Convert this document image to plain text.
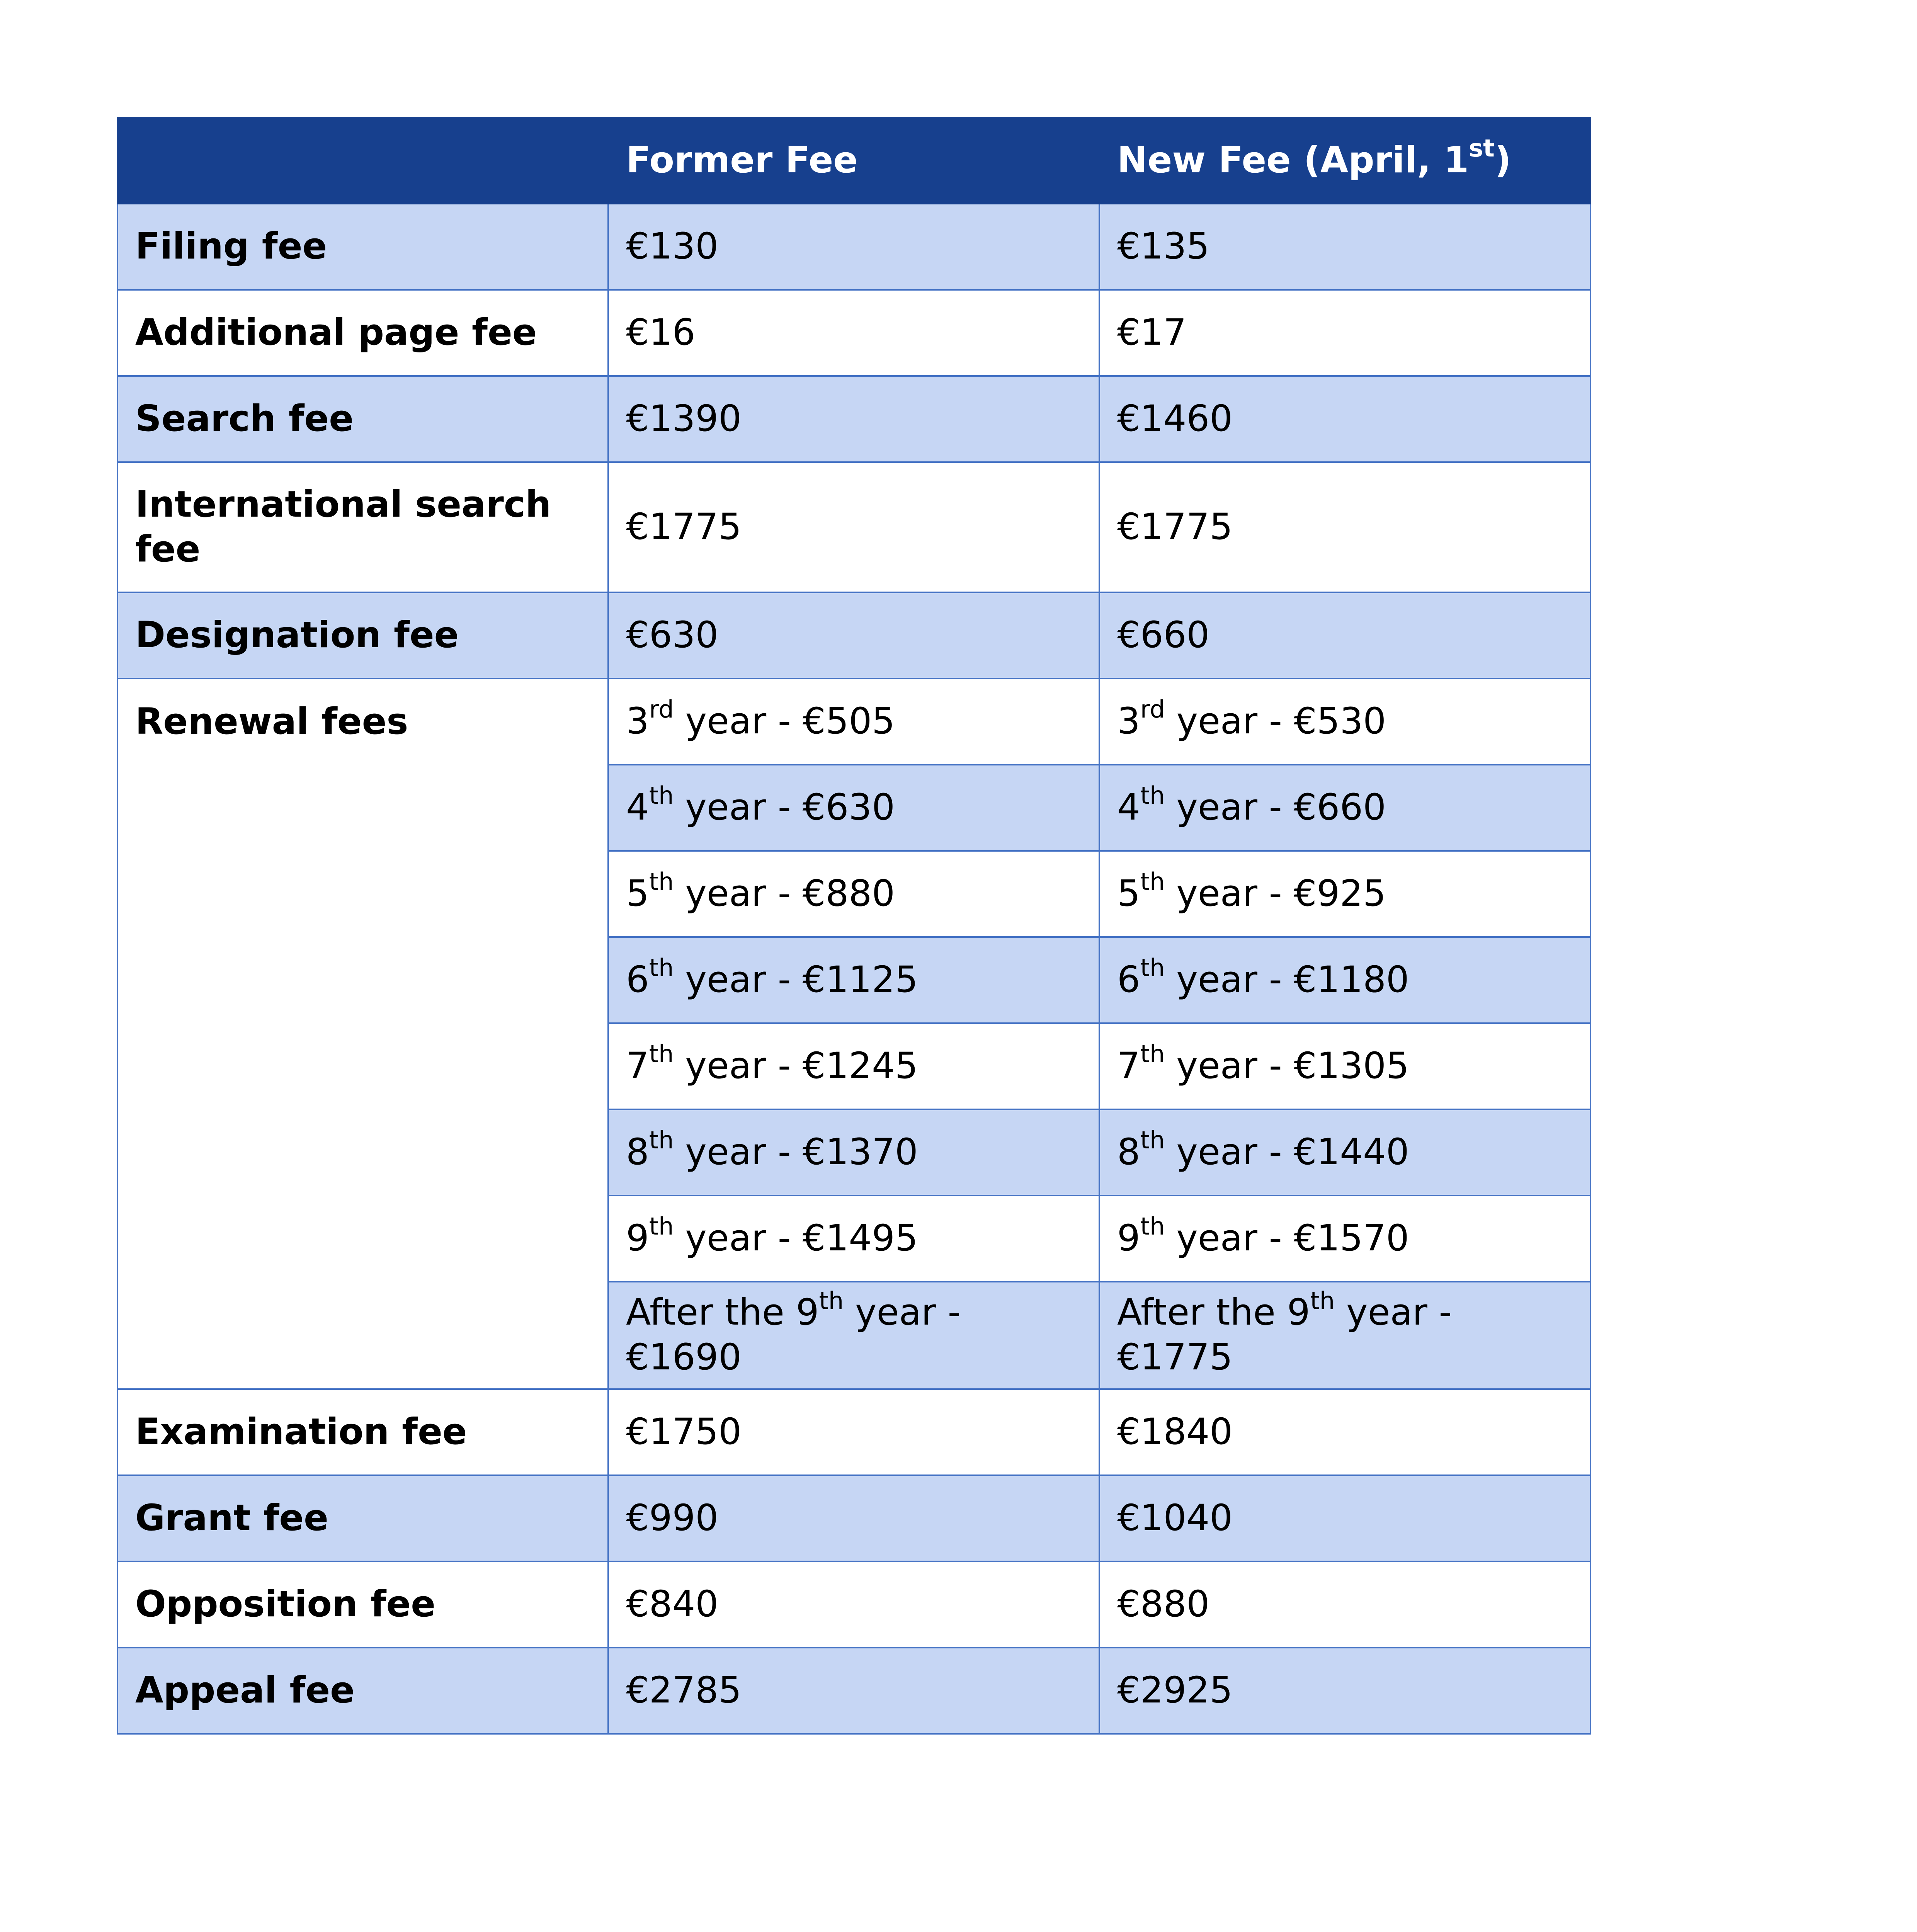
	Former Fee	New Fee (April, 1st)
Filing fee	€130	€135
Additional page fee	€16	€17
Search fee	€1390	€1460
International search fee	€1775	€1775
Designation fee	€630	€660
Renewal fees	3rd year - €505	3rd year - €530
	4th year - €630	4th year - €660
	5th year - €880	5th year - €925
	6th year - €1125	6th year - €1180
	7th year - €1245	7th year - €1305
	8th year - €1370	8th year - €1440
	9th year - €1495	9th year - €1570
	After the 9th year - €1690	After the 9th year - €1775
Examination fee	€1750	€1840
Grant fee	€990	€1040
Opposition fee	€840	€880
Appeal fee	€2785	€2925
